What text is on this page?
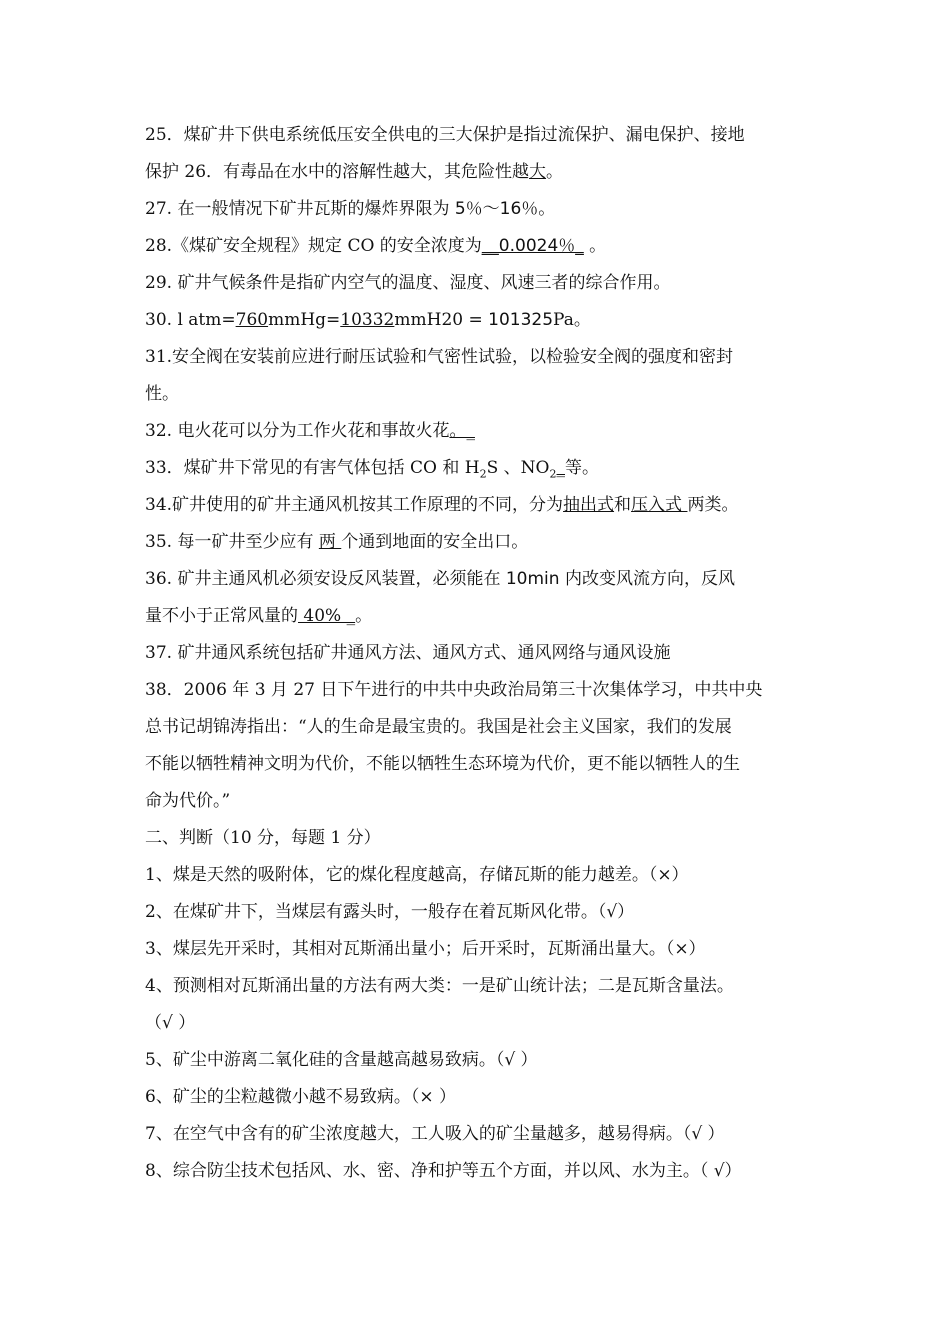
25．煤矿井下供电系统低压安全供电的三大保护是指过流保护、漏电保护、接地
保护 26．有毒品在水中的溶解性越大，其危险性越大。
27. 在一般情况下矿井瓦斯的爆炸界限为 5％～16％。
28.《煤矿安全规程》规定 CO 的安全浓度为__0.0024％_ 。
29. 矿井气候条件是指矿内空气的温度、湿度、风速三者的综合作用。
30. l atm=760mmHg=10332mmH20 = 101325Pa。
31.安全阀在安装前应进行耐压试验和气密性试验，以检验安全阀的强度和密封
性。
32. 电火花可以分为工作火花和事故火花。_
33．煤矿井下常见的有害气体包括 CO 和 $H_2S$ 、$NO_2\_$等。
34.矿井使用的矿井主通风机按其工作原理的不同，分为抽出式和压入式 两类。
35. 每一矿井至少应有 两 个通到地面的安全出口。
36. 矿井主通风机必须安设反风装置，必须能在 10min 内改变风流方向，反风
量不小于正常风量的 40% _。
37. 矿井通风系统包括矿井通风方法、通风方式、通风网络与通风设施
38．2006 年 3 月 27 日下午进行的中共中央政治局第三十次集体学习，中共中央
总书记胡锦涛指出：“人的生命是最宝贵的。我国是社会主义国家，我们的发展
不能以牺牲精神文明为代价，不能以牺牲生态环境为代价，更不能以牺牲人的生
命为代价。”
二、判断（10 分，每题 1 分）
1、煤是天然的吸附体，它的煤化程度越高，存储瓦斯的能力越差。（×）
2、在煤矿井下，当煤层有露头时，一般存在着瓦斯风化带。（√）
3、煤层先开采时，其相对瓦斯涌出量小；后开采时，瓦斯涌出量大。（×）
4、预测相对瓦斯涌出量的方法有两大类：一是矿山统计法；二是瓦斯含量法。
（√ ）
5、矿尘中游离二氧化硅的含量越高越易致病。（√ ）
6、矿尘的尘粒越微小越不易致病。（× ）
7、在空气中含有的矿尘浓度越大，工人吸入的矿尘量越多，越易得病。（√ ）
8、综合防尘技术包括风、水、密、净和护等五个方面，并以风、水为主。（ √）
